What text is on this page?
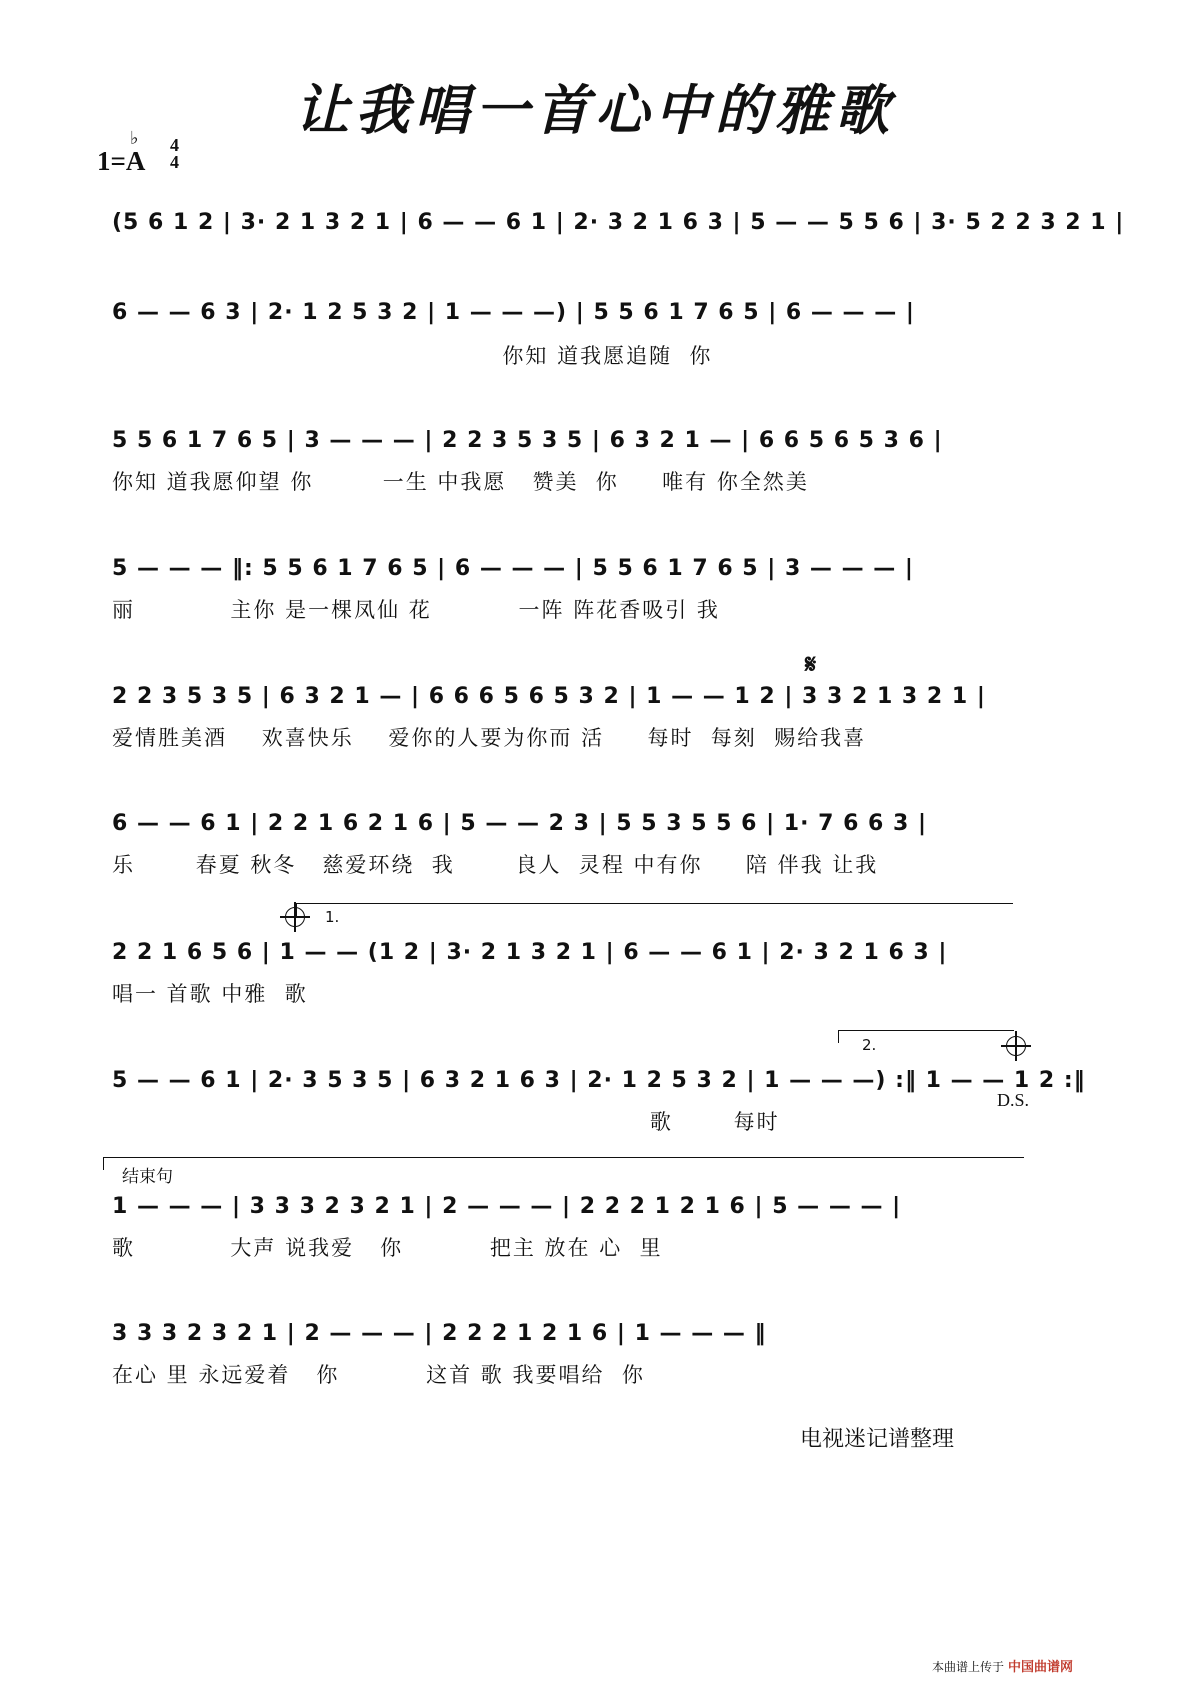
让我唱一首心中的雅歌
1=A
♭ 4
4
(5 6 1 2 | 3· 2 1 3 2 1 | 6 — — 6 1 | 2· 3 2 1 6 3 | 5 — — 5 5 6 | 3· 5 2 2 3 2 1 |
6 — — 6 3 | 2· 1 2 5 3 2 | 1 — — —) | 5 5 6 1 7 6 5 | 6 — — — |
你知 道我愿追随  你
5 5 6 1 7 6 5 | 3 — — — | 2 2 3 5 3 5 | 6 3 2 1 — | 6 6 5 6 5 3 6 |
你知 道我愿仰望 你        一生 中我愿   赞美  你     唯有 你全然美
5 — — — ‖: 5 5 6 1 7 6 5 | 6 — — — | 5 5 6 1 7 6 5 | 3 — — — |
丽           主你 是一棵凤仙 花          一阵 阵花香吸引 我
𝄋
2 2 3 5 3 5 | 6 3 2 1 — | 6 6 6 5 6 5 3 2 | 1 — — 1 2 | 3 3 2 1 3 2 1 |
爱情胜美酒    欢喜快乐    爱你的人要为你而 活     每时  每刻  赐给我喜
6 — — 6 1 | 2 2 1 6 2 1 6 | 5 — — 2 3 | 5 5 3 5 5 6 | 1· 7 6 6 3 |
乐       春夏 秋冬   慈爱环绕  我       良人  灵程 中有你     陪 伴我 让我
1.
2 2 1 6 5 6 | 1 — — (1 2 | 3· 2 1 3 2 1 | 6 — — 6 1 | 2· 3 2 1 6 3 |
唱一 首歌 中雅  歌
2.
5 — — 6 1 | 2· 3 5 3 5 | 6 3 2 1 6 3 | 2· 1 2 5 3 2 | 1 — — —) :‖ 1 — — 1 2 :‖
D.S.
歌       每时
结束句
1 — — — | 3 3 3 2 3 2 1 | 2 — — — | 2 2 2 1 2 1 6 | 5 — — — |
歌           大声 说我爱   你          把主 放在 心  里
3 3 3 2 3 2 1 | 2 — — — | 2 2 2 1 2 1 6 | 1 — — — ‖
在心 里 永远爱着   你          这首 歌 我要唱给  你
电视迷记谱整理
本曲谱上传于 中国曲谱网
